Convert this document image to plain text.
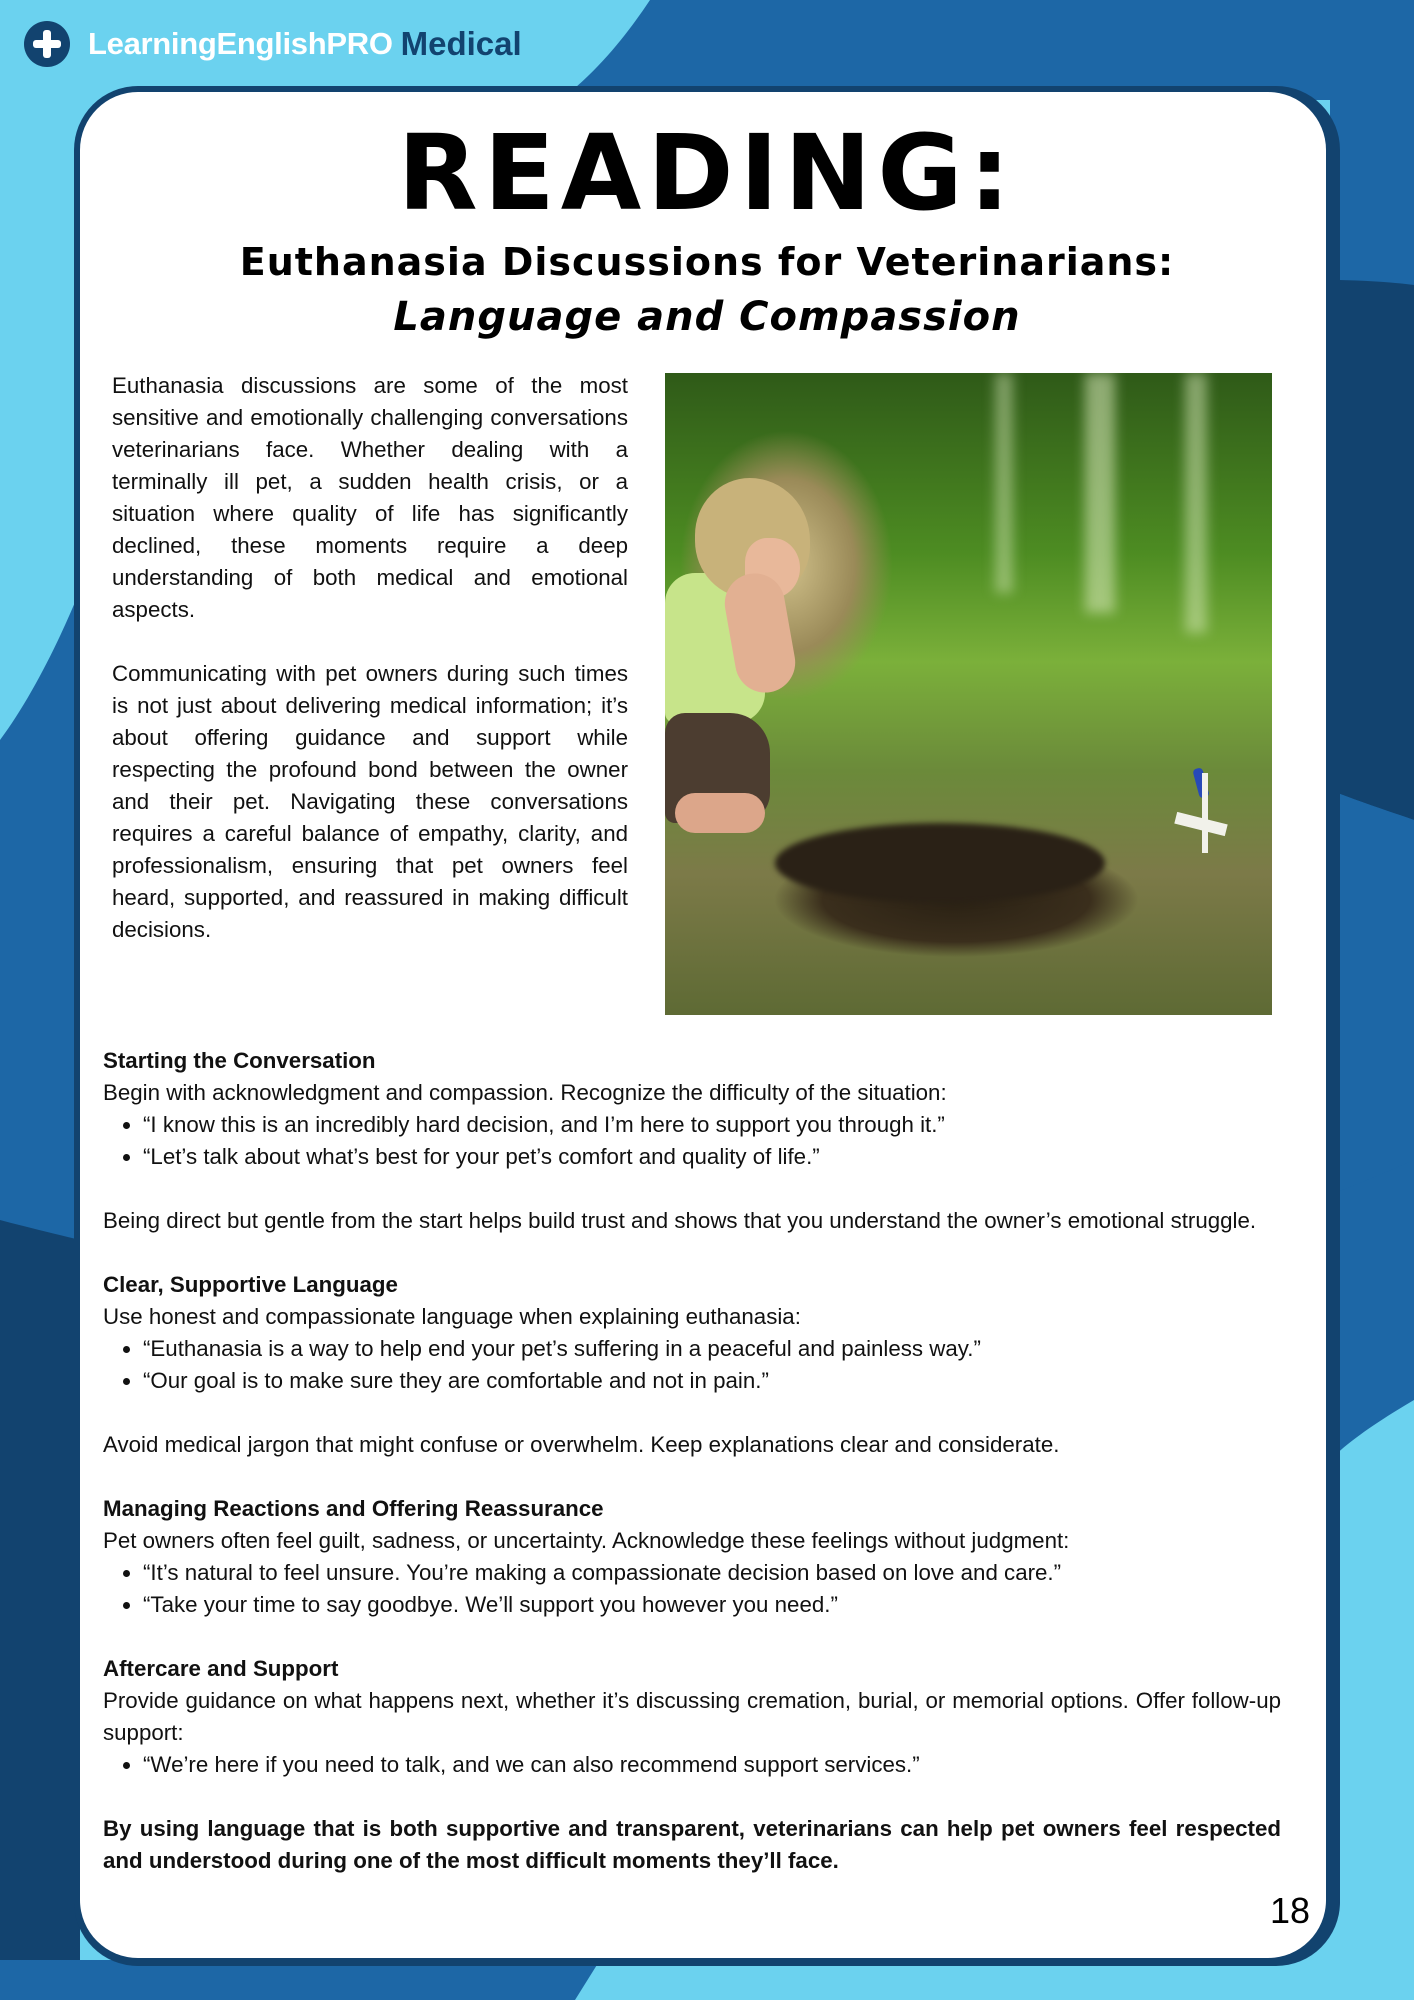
LearningEnglishPRO Medical
READING:
Euthanasia Discussions for Veterinarians:
Language and Compassion

Euthanasia discussions are some of the most sensitive and emotionally challenging conversations veterinarians face. Whether dealing with a terminally ill pet, a sudden health crisis, or a situation where quality of life has significantly declined, these moments require a deep understanding of both medical and emotional aspects.

Communicating with pet owners during such times is not just about delivering medical information; it’s about offering guidance and support while respecting the profound bond between the owner and their pet. Navigating these conversations requires a careful balance of empathy, clarity, and professionalism, ensuring that pet owners feel heard, supported, and reassured in making difficult decisions.

Starting the Conversation

Begin with acknowledgment and compassion. Recognize the difficulty of the situation:

• “I know this is an incredibly hard decision, and I’m here to support you through it.”
• “Let’s talk about what’s best for your pet’s comfort and quality of life.”

Being direct but gentle from the start helps build trust and shows that you understand the owner’s emotional struggle.

Clear, Supportive Language

Use honest and compassionate language when explaining euthanasia:

• “Euthanasia is a way to help end your pet’s suffering in a peaceful and painless way.”
• “Our goal is to make sure they are comfortable and not in pain.”

Avoid medical jargon that might confuse or overwhelm. Keep explanations clear and considerate.

Managing Reactions and Offering Reassurance

Pet owners often feel guilt, sadness, or uncertainty. Acknowledge these feelings without judgment:

• “It’s natural to feel unsure. You’re making a compassionate decision based on love and care.”
• “Take your time to say goodbye. We’ll support you however you need.”

Aftercare and Support

Provide guidance on what happens next, whether it’s discussing cremation, burial, or memorial options. Offer follow-up support:

• “We’re here if you need to talk, and we can also recommend support services.”

By using language that is both supportive and transparent, veterinarians can help pet owners feel respected and understood during one of the most difficult moments they’ll face.

18
